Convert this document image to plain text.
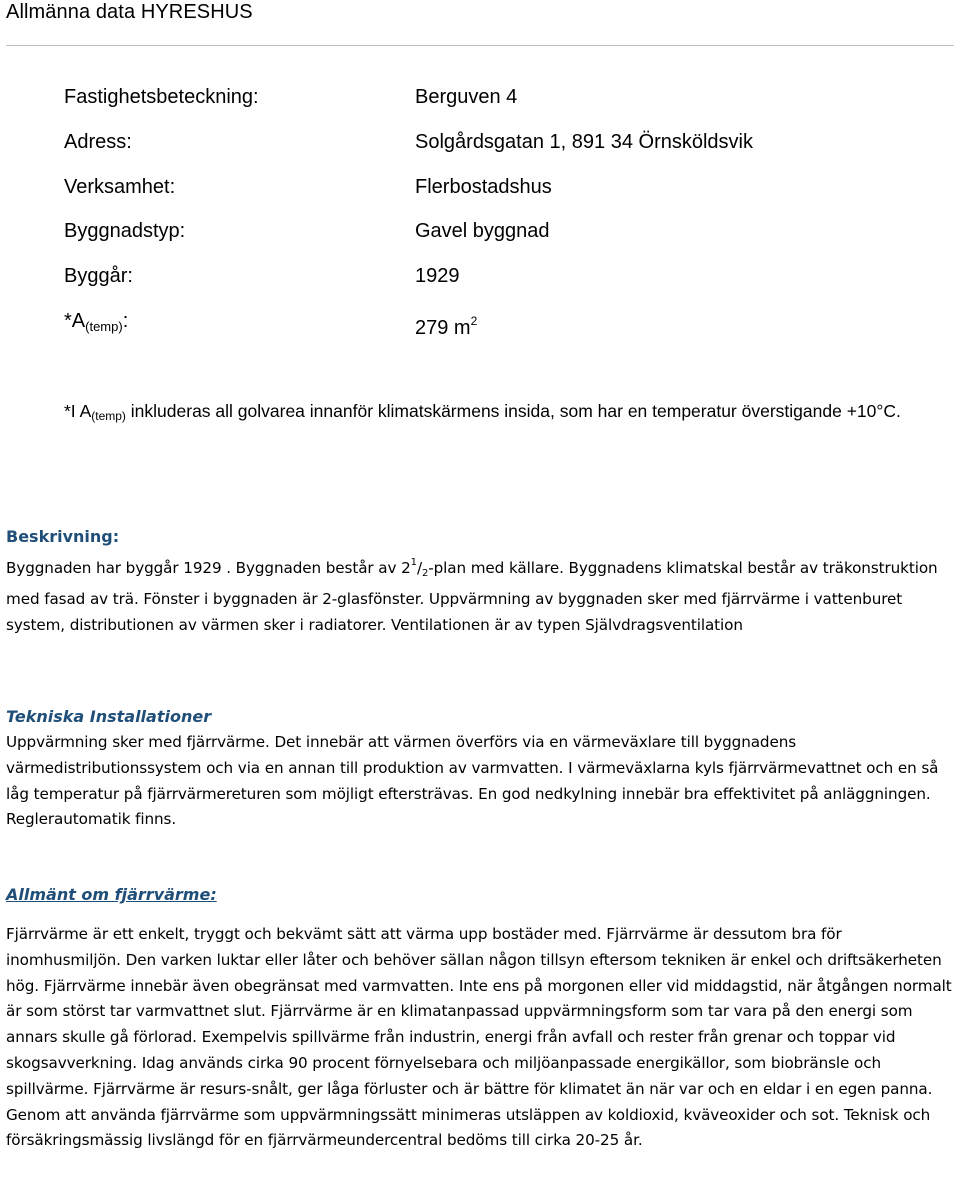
Allmänna data HYRESHUS
Fastighetsbeteckning:	Berguven 4
Adress:	Solgårdsgatan 1, 891 34 Örnsköldsvik
Verksamhet:	Flerbostadshus
Byggnadstyp:	Gavel byggnad
Byggår:	1929
$*A_{(temp)}$:	279 $m^2$
*I $A_{(temp)}$ inkluderas all golvarea innanför klimatskärmens insida, som har en temperatur överstigande +10°C.
Beskrivning:
Byggnaden har byggår 1929 . Byggnaden består av $2^1/2$-plan med källare. Byggnadens klimatskal består av träkonstruktion med fasad av trä. Fönster i byggnaden är 2-glasfönster. Uppvärmning av byggnaden sker med fjärrvärme i vattenburet system, distributionen av värmen sker i radiatorer. Ventilationen är av typen Självdragsventilation
Tekniska Installationer
Uppvärmning sker med fjärrvärme. Det innebär att värmen överförs via en värmeväxlare till byggnadens värmedistributionssystem och via en annan till produktion av varmvatten. I värmeväxlarna kyls fjärrvärmevattnet och en så låg temperatur på fjärrvärmereturen som möjligt eftersträvas. En god nedkylning innebär bra effektivitet på anläggningen. Reglerautomatik finns.
Allmänt om fjärrvärme:
Fjärrvärme är ett enkelt, tryggt och bekvämt sätt att värma upp bostäder med. Fjärrvärme är dessutom bra för inomhusmiljön. Den varken luktar eller låter och behöver sällan någon tillsyn eftersom tekniken är enkel och driftsäkerheten hög. Fjärrvärme innebär även obegränsat med varmvatten. Inte ens på morgonen eller vid middagstid, när åtgången normalt är som störst tar varmvattnet slut. Fjärrvärme är en klimatanpassad uppvärmningsform som tar vara på den energi som annars skulle gå förlorad. Exempelvis spillvärme från industrin, energi från avfall och rester från grenar och toppar vid skogsavverkning. Idag används cirka 90 procent förnyelsebara och miljöanpassade energikällor, som biobränsle och spillvärme. Fjärrvärme är resurs-snålt, ger låga förluster och är bättre för klimatet än när var och en eldar i en egen panna. Genom att använda fjärrvärme som uppvärmningssätt minimeras utsläppen av koldioxid, kväveoxider och sot. Teknisk och försäkringsmässig livslängd för en fjärrvärmeundercentral bedöms till cirka 20-25 år.
